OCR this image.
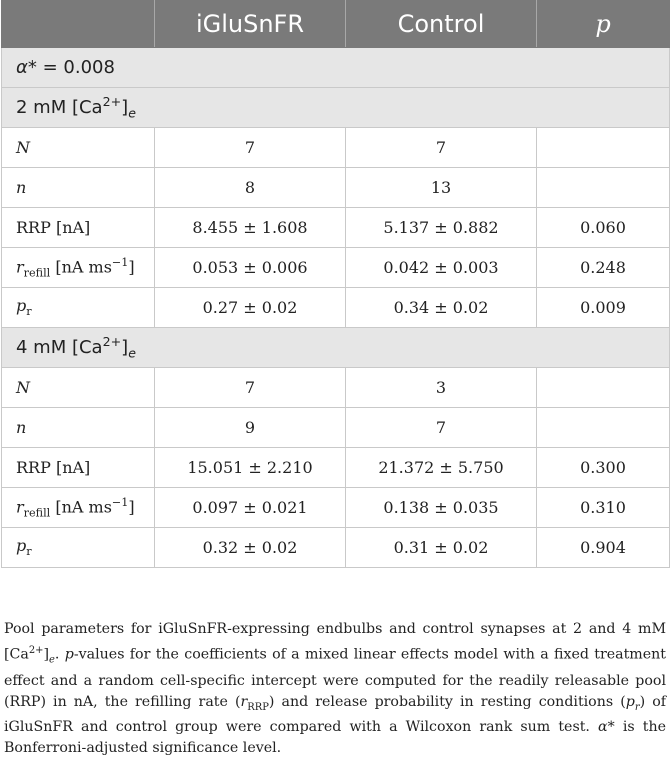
	iGluSnFR	Control	p
α* = 0.008			
2 mM $[Ca^{2+}]_e$
N	7	7	
n	8	13	
RRP [nA]	8.455 ± 1.608	5.137 ± 0.882	0.060
$r_{refill}$ [nA $ms^{-1}$]	0.053 ± 0.006	0.042 ± 0.003	0.248
$p_r$	0.27 ± 0.02	0.34 ± 0.02	0.009
4 mM $[Ca^{2+}]_e$
N	7	3	
n	9	7	
RRP [nA]	15.051 ± 2.210	21.372 ± 5.750	0.300
$r_{refill}$ [nA $ms^{-1}$]	0.097 ± 0.021	0.138 ± 0.035	0.310
$p_r$	0.32 ± 0.02	0.31 ± 0.02	0.904
Pool parameters for iGluSnFR-expressing endbulbs and control synapses at 2 and 4 mM $[Ca^{2+}]_e$. p-values for the coefficients of a mixed linear effects model with a fixed treatment effect and a random cell-specific intercept were computed for the readily releasable pool (RRP) in nA, the refilling rate $(r_{RRP})$ and release probability in resting conditions $(p_r)$ of iGluSnFR and control group were compared with a Wilcoxon rank sum test. α* is the Bonferroni-adjusted significance level.
